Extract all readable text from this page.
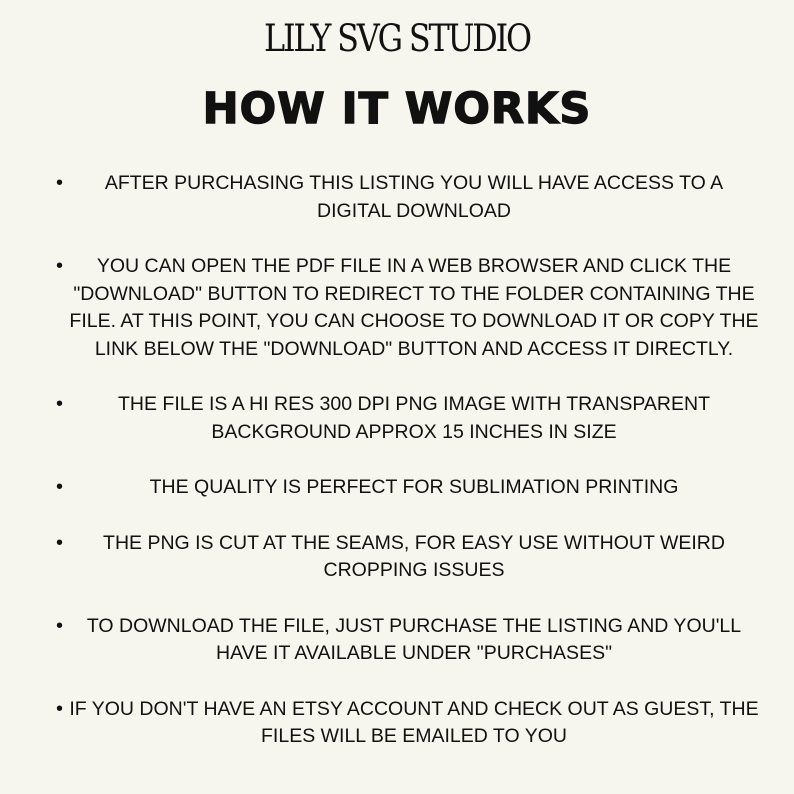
LILY SVG STUDIO
HOW IT WORKS
•	AFTER PURCHASING THIS LISTING YOU WILL HAVE ACCESS TO A DIGITAL DOWNLOAD
•	YOU CAN OPEN THE PDF FILE IN A WEB BROWSER AND CLICK THE "DOWNLOAD" BUTTON TO REDIRECT TO THE FOLDER CONTAINING THE FILE. AT THIS POINT, YOU CAN CHOOSE TO DOWNLOAD IT OR COPY THE LINK BELOW THE "DOWNLOAD" BUTTON AND ACCESS IT DIRECTLY.
•	THE FILE IS A HI RES 300 DPI PNG IMAGE WITH TRANSPARENT BACKGROUND APPROX 15 INCHES IN SIZE
•	THE QUALITY IS PERFECT FOR SUBLIMATION PRINTING
•	THE PNG IS CUT AT THE SEAMS, FOR EASY USE WITHOUT WEIRD CROPPING ISSUES
•	TO DOWNLOAD THE FILE, JUST PURCHASE THE LISTING AND YOU'LL HAVE IT AVAILABLE UNDER "PURCHASES"
• IF YOU DON'T HAVE AN ETSY ACCOUNT AND CHECK OUT AS GUEST, THE FILES WILL BE EMAILED TO YOU
